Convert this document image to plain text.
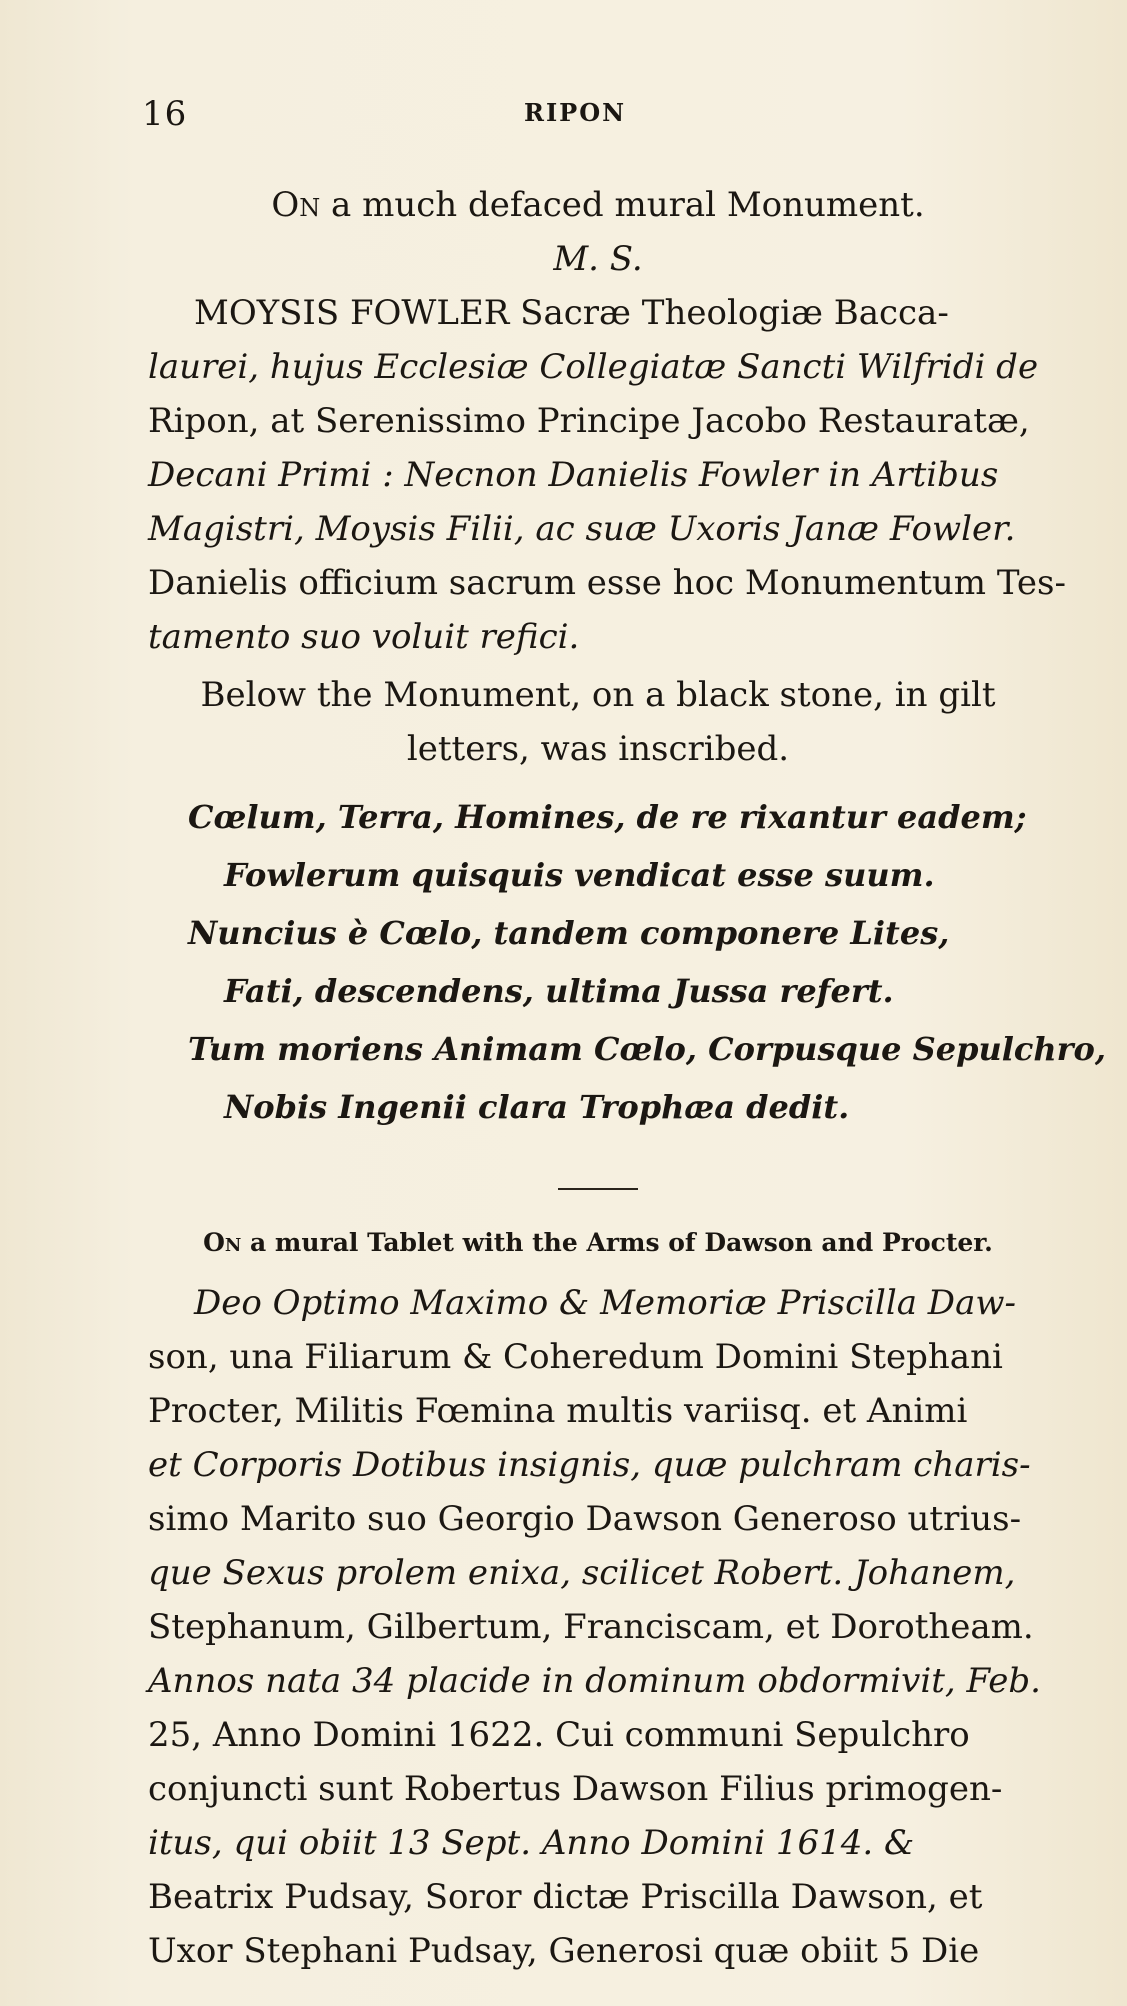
16	RIPON

On a much defaced mural Monument.

M. S.

MOYSIS FOWLER Sacræ Theologiæ Bacca-
laurei, hujus Ecclesiæ Collegiatæ Sancti Wilfridi de
Ripon, at Serenissimo Principe Jacobo Restauratæ,
Decani Primi : Necnon Danielis Fowler in Artibus
Magistri, Moysis Filii, ac suæ Uxoris Janæ Fowler.
Danielis officium sacrum esse hoc Monumentum Tes-
tamento suo voluit refici.

Below the Monument, on a black stone, in gilt
letters, was inscribed.

Cœlum, Terra, Homines, de re rixantur eadem;
Fowlerum quisquis vendicat esse suum.
Nuncius è Cœlo, tandem componere Lites,
Fati, descendens, ultima Jussa refert.
Tum moriens Animam Cœlo, Corpusque Sepulchro,
Nobis Ingenii clara Trophæa dedit.

On a mural Tablet with the Arms of Dawson and Procter.

Deo Optimo Maximo & Memoriæ Priscilla Daw-
son, una Filiarum & Coheredum Domini Stephani
Procter, Militis Fœmina multis variisq. et Animi
et Corporis Dotibus insignis, quæ pulchram charis-
simo Marito suo Georgio Dawson Generoso utrius-
que Sexus prolem enixa, scilicet Robert. Johanem,
Stephanum, Gilbertum, Franciscam, et Dorotheam.
Annos nata 34 placide in dominum obdormivit, Feb.
25, Anno Domini 1622. Cui communi Sepulchro
conjuncti sunt Robertus Dawson Filius primogen-
itus, qui obiit 13 Sept. Anno Domini 1614. &
Beatrix Pudsay, Soror dictæ Priscilla Dawson, et
Uxor Stephani Pudsay, Generosi quæ obiit 5 Die
